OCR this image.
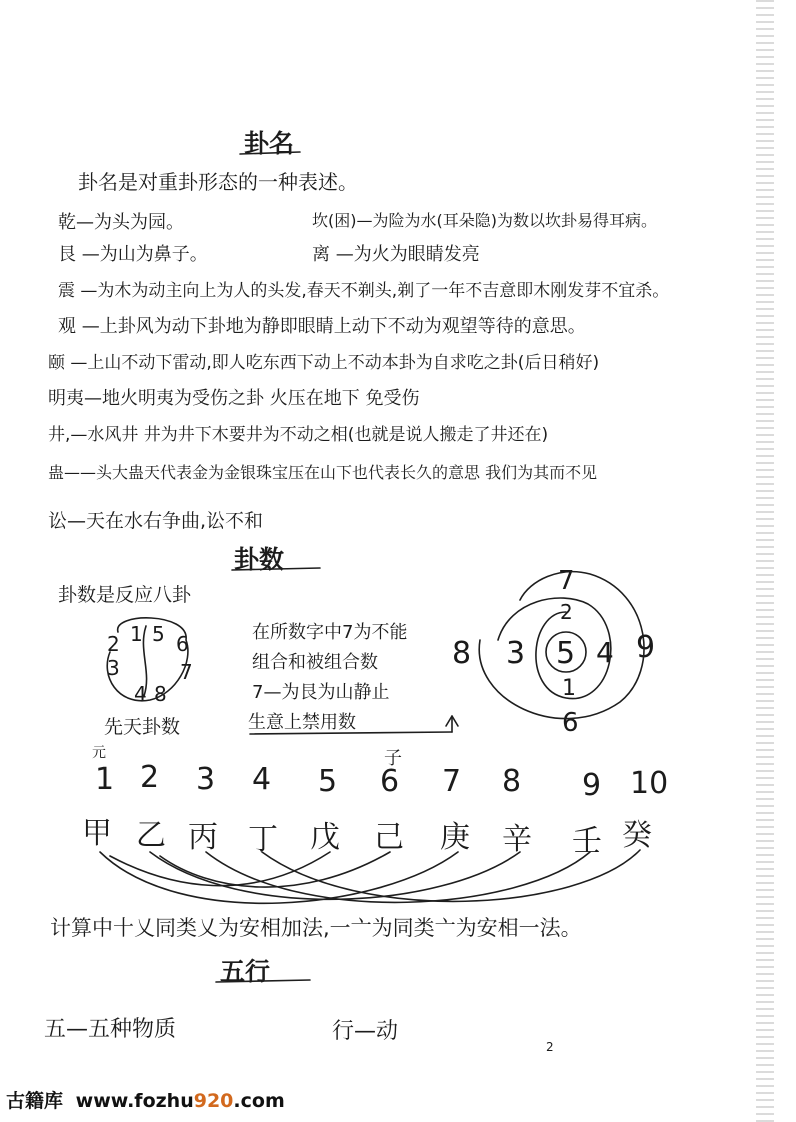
卦名
卦名是对重卦形态的一种表述。
乾—为头为园。	坎(困)—为险为水(耳朵隐)为数以坎卦易得耳病。
艮 —为山为鼻子。	离 —为火为眼睛发亮
震 —为木为动主向上为人的头发,春天不剃头,剃了一年不吉意即木刚发芽不宜杀。
观 —上卦风为动下卦地为静即眼睛上动下不动为观望等待的意思。
颐 —上山不动下雷动,即人吃东西下动上不动本卦为自求吃之卦(后日稍好)
明夷—地火明夷为受伤之卦 火压在地下 免受伤
井,—水风井 井为井下木要井为不动之相(也就是说人搬走了井还在)
蛊——头大蛊天代表金为金银珠宝压在山下也代表长久的意思 我们为其而不见
讼—天在水右争曲,讼不和
卦数
卦数是反应八卦
2 1 5 6
3	7
4 8
先天卦数
在所数字中7为不能
组合和被组合数
7—为艮为山静止
生意上禁用数
8 3 5 4 9
7
2
1
6
元	子
1 2 3 4 5 6 7 8 9 10
甲 乙 丙 丁 戊 己 庚 辛 壬 癸
计算中十乂同类乂为安相加法,一亠为同类亠为安相一法。
五行
五—五种物质	行—动
2
古籍库 www.fozhu920.com
